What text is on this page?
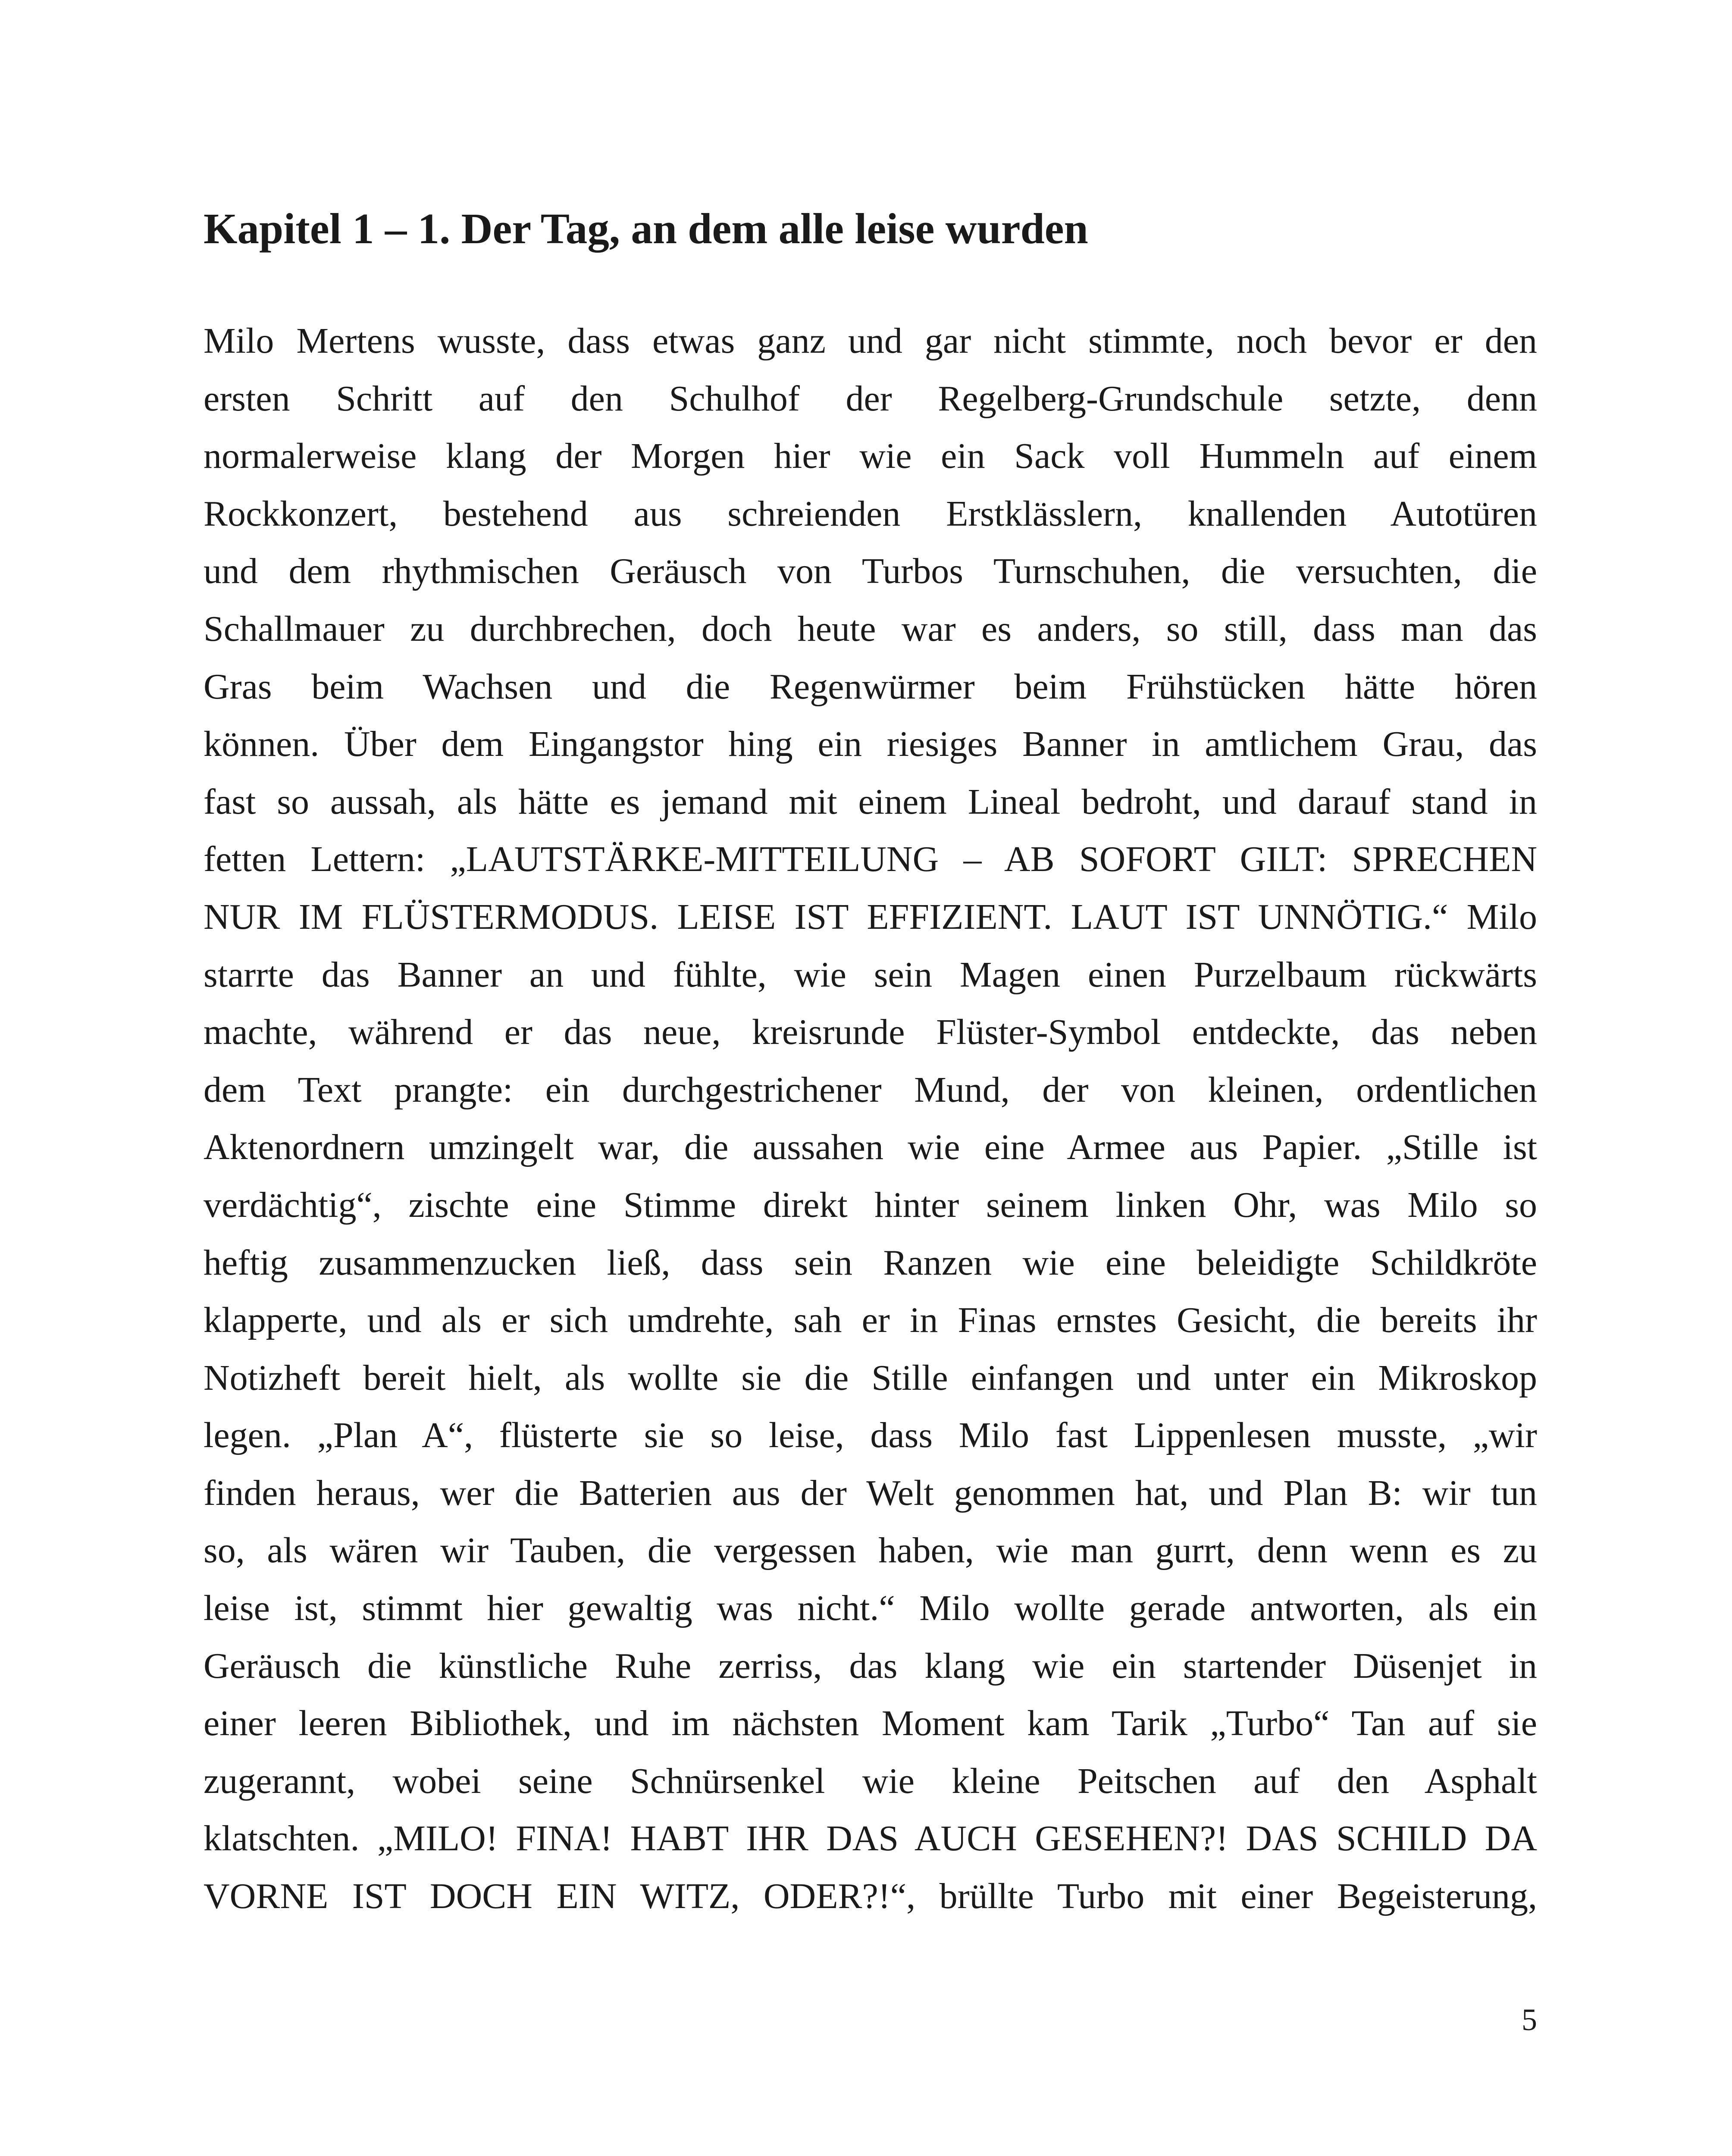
Kapitel 1 – 1. Der Tag, an dem alle leise wurden
Milo Mertens wusste, dass etwas ganz und gar nicht stimmte, noch bevor er den
ersten Schritt auf den Schulhof der Regelberg-Grundschule setzte, denn
normalerweise klang der Morgen hier wie ein Sack voll Hummeln auf einem
Rockkonzert, bestehend aus schreienden Erstklässlern, knallenden Autotüren
und dem rhythmischen Geräusch von Turbos Turnschuhen, die versuchten, die
Schallmauer zu durchbrechen, doch heute war es anders, so still, dass man das
Gras beim Wachsen und die Regenwürmer beim Frühstücken hätte hören
können. Über dem Eingangstor hing ein riesiges Banner in amtlichem Grau, das
fast so aussah, als hätte es jemand mit einem Lineal bedroht, und darauf stand in
fetten Lettern: „LAUTSTÄRKE-MITTEILUNG – AB SOFORT GILT: SPRECHEN
NUR IM FLÜSTERMODUS. LEISE IST EFFIZIENT. LAUT IST UNNÖTIG.“ Milo
starrte das Banner an und fühlte, wie sein Magen einen Purzelbaum rückwärts
machte, während er das neue, kreisrunde Flüster-Symbol entdeckte, das neben
dem Text prangte: ein durchgestrichener Mund, der von kleinen, ordentlichen
Aktenordnern umzingelt war, die aussahen wie eine Armee aus Papier. „Stille ist
verdächtig“, zischte eine Stimme direkt hinter seinem linken Ohr, was Milo so
heftig zusammenzucken ließ, dass sein Ranzen wie eine beleidigte Schildkröte
klapperte, und als er sich umdrehte, sah er in Finas ernstes Gesicht, die bereits ihr
Notizheft bereit hielt, als wollte sie die Stille einfangen und unter ein Mikroskop
legen. „Plan A“, flüsterte sie so leise, dass Milo fast Lippenlesen musste, „wir
finden heraus, wer die Batterien aus der Welt genommen hat, und Plan B: wir tun
so, als wären wir Tauben, die vergessen haben, wie man gurrt, denn wenn es zu
leise ist, stimmt hier gewaltig was nicht.“ Milo wollte gerade antworten, als ein
Geräusch die künstliche Ruhe zerriss, das klang wie ein startender Düsenjet in
einer leeren Bibliothek, und im nächsten Moment kam Tarik „Turbo“ Tan auf sie
zugerannt, wobei seine Schnürsenkel wie kleine Peitschen auf den Asphalt
klatschten. „MILO! FINA! HABT IHR DAS AUCH GESEHEN?! DAS SCHILD DA
VORNE IST DOCH EIN WITZ, ODER?!“, brüllte Turbo mit einer Begeisterung,

5
